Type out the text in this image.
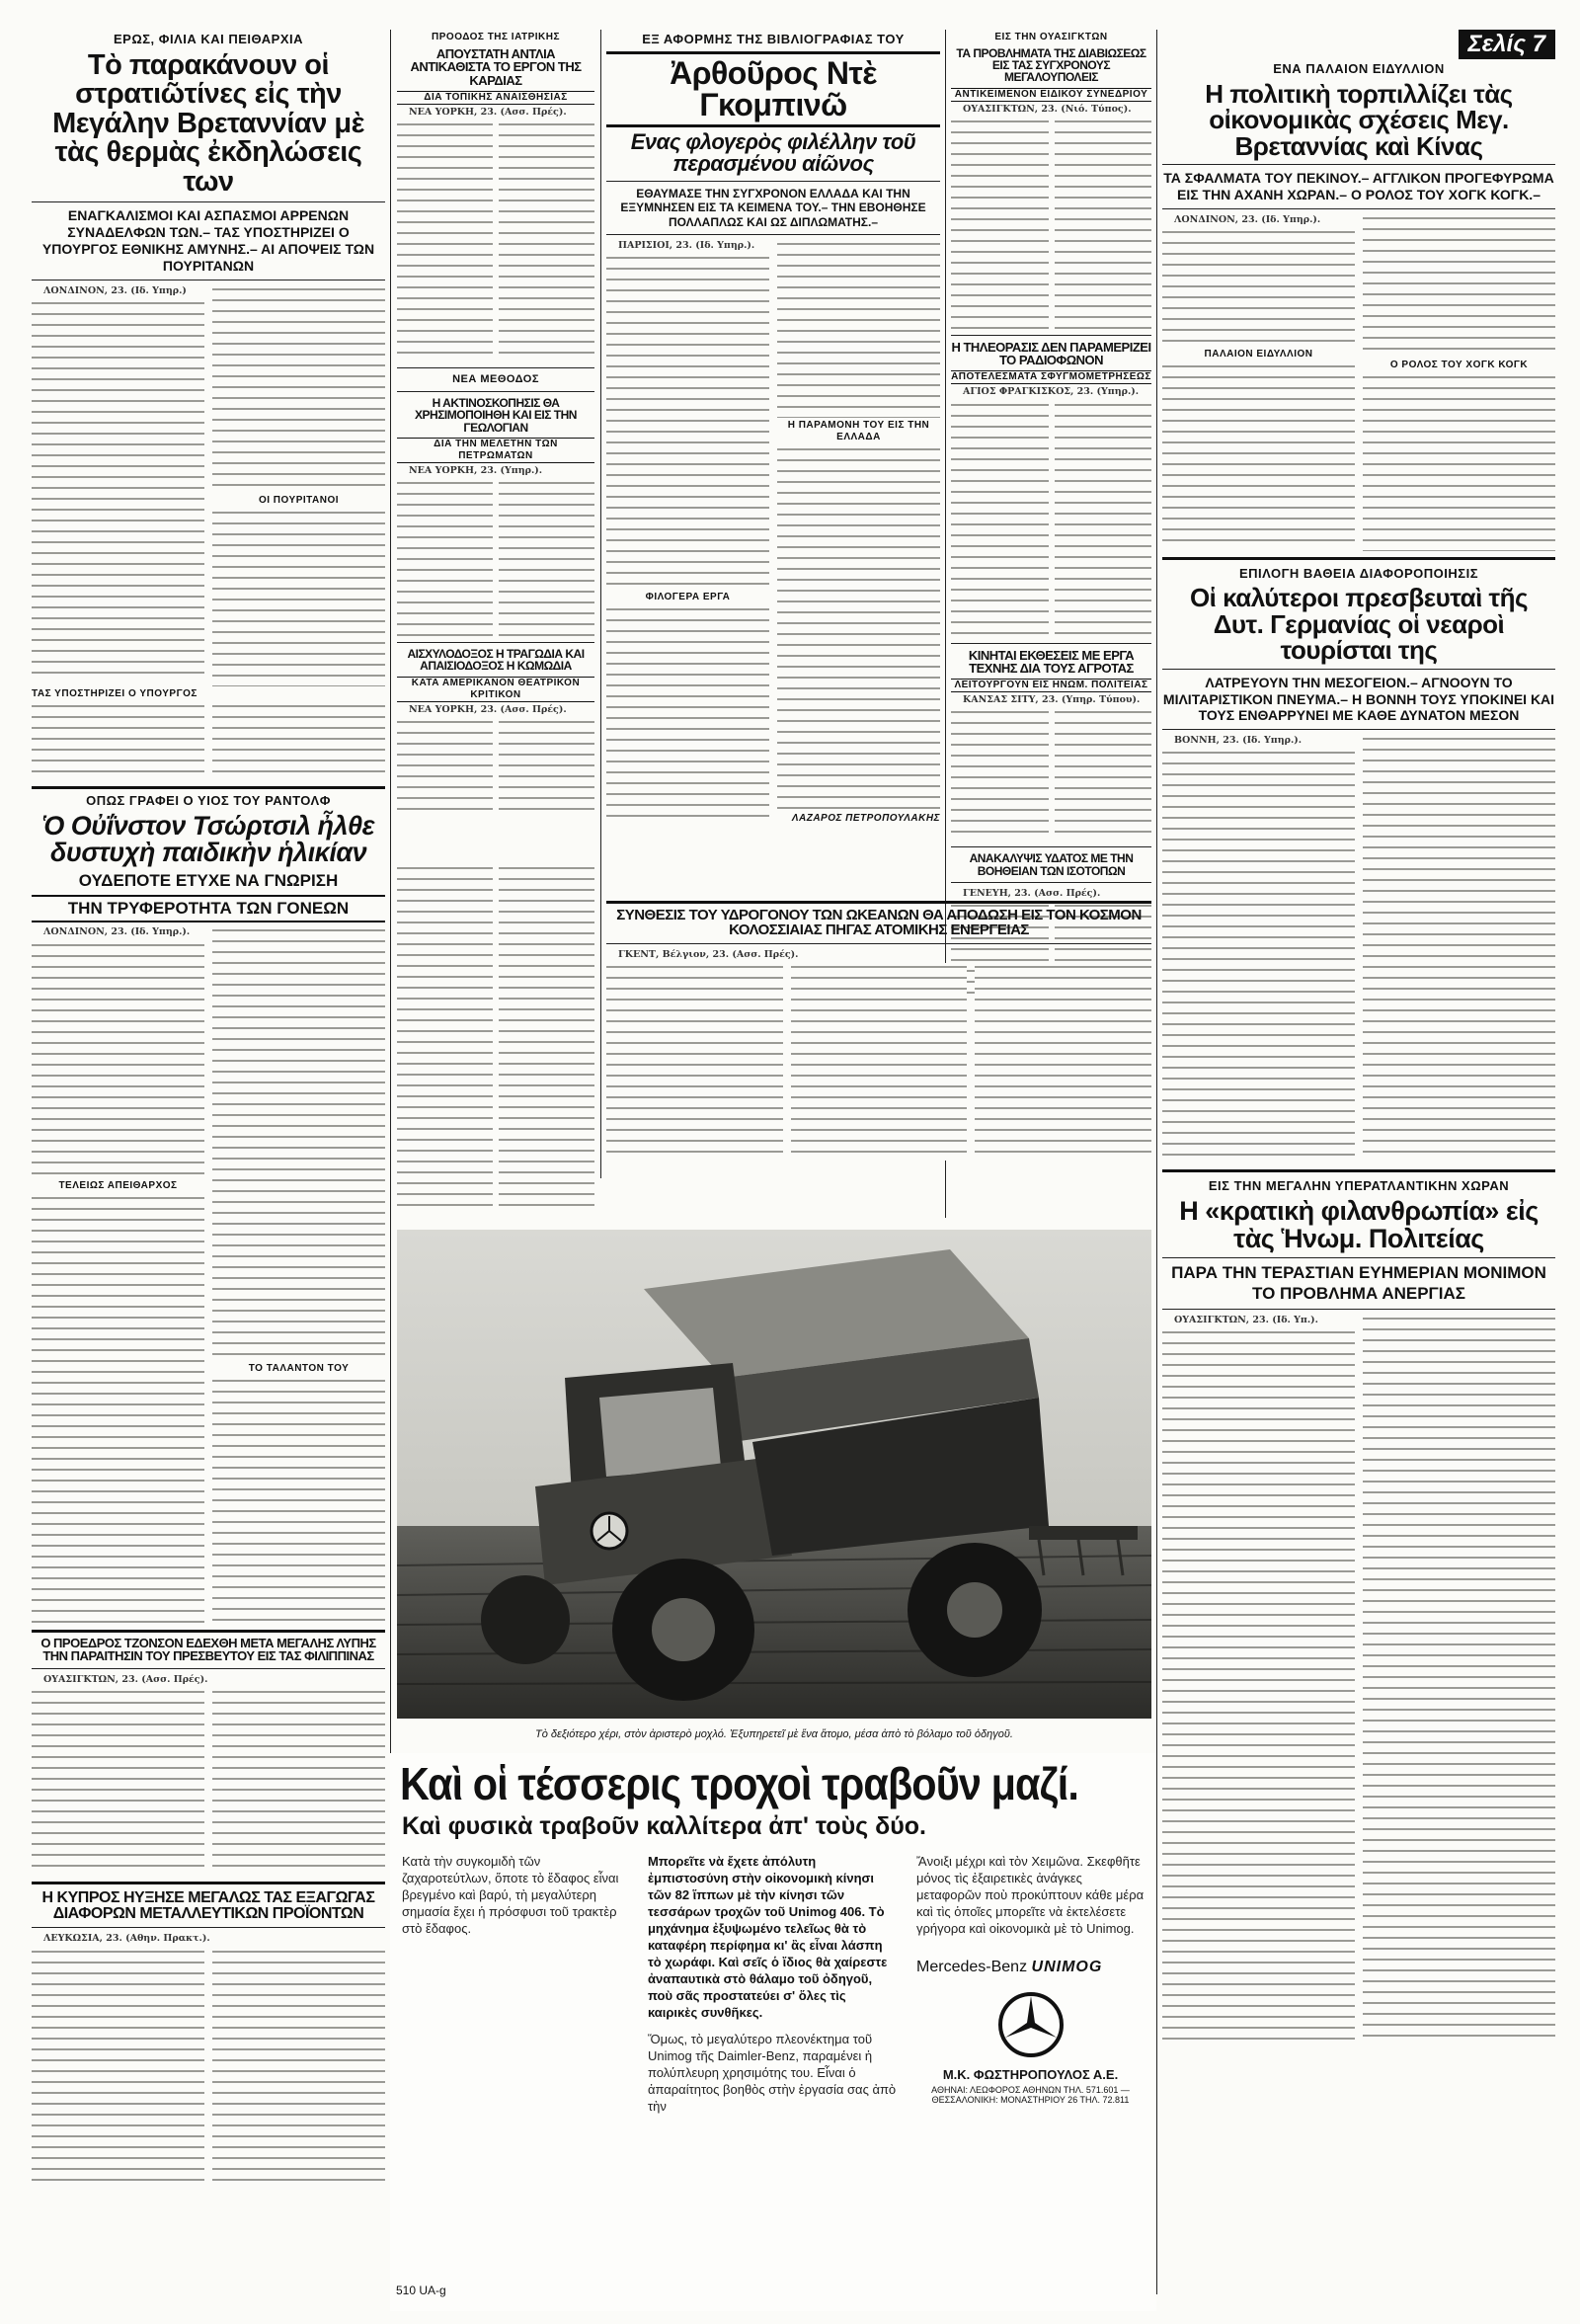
ΕΡΩΣ, ΦΙΛΙΑ ΚΑΙ ΠΕΙΘΑΡΧΙΑ
Τὸ παρακάνουν οἱ στρατιῶτίνες εἰς τὴν Μεγάλην Βρεταννίαν μὲ τὰς θερμὰς ἐκδηλώσεις των
ΕΝΑΓΚΑΛΙΣΜΟΙ ΚΑΙ ΑΣΠΑΣΜΟΙ ΑΡΡΕΝΩΝ ΣΥΝΑΔΕΛΦΩΝ ΤΩΝ.– ΤΑΣ ΥΠΟΣΤΗΡΙΖΕΙ Ο ΥΠΟΥΡΓΟΣ ΕΘΝΙΚΗΣ ΑΜΥΝΗΣ.– ΑΙ ΑΠΟΨΕΙΣ ΤΩΝ ΠΟΥΡΙΤΑΝΩΝ

ΛΟΝΔΙΝΟΝ, 23. (Ιδ. Υπηρ.)

ΟΙ ΠΟΥΡΙΤΑΝΟΙ
ΤΑΣ ΥΠΟΣΤΗΡΙΖΕΙ Ο ΥΠΟΥΡΓΟΣ
ΠΡΟΟΔΟΣ ΤΗΣ ΙΑΤΡΙΚΗΣ
ΑΠΟΥΣΤΑΤΗ ΑΝΤΛΙΑ ΑΝΤΙΚΑΘΙΣΤΑ ΤΟ ΕΡΓΟΝ ΤΗΣ ΚΑΡΔΙΑΣ
ΔΙΑ ΤΟΠΙΚΗΣ ΑΝΑΙΣΘΗΣΙΑΣ

ΝΕΑ ΥΟΡΚΗ, 23. (Ασσ. Πρές).

ΝΕΑ ΜΕΘΟΔΟΣ
Η ΑΚΤΙΝΟΣΚΟΠΗΣΙΣ ΘΑ ΧΡΗΣΙΜΟΠΟΙΗΘΗ ΚΑΙ ΕΙΣ ΤΗΝ ΓΕΩΛΟΓΙΑΝ
ΔΙΑ ΤΗΝ ΜΕΛΕΤΗΝ ΤΩΝ ΠΕΤΡΩΜΑΤΩΝ

ΝΕΑ ΥΟΡΚΗ, 23. (Υπηρ.).

ΑΙΣΧΥΛΟΔΟΞΟΣ Η ΤΡΑΓΩΔΙΑ ΚΑΙ ΑΠΑΙΣΙΟΔΟΞΟΣ Η ΚΩΜΩΔΙΑ
ΚΑΤΑ ΑΜΕΡΙΚΑΝΟΝ ΘΕΑΤΡΙΚΟΝ ΚΡΙΤΙΚΟΝ

ΝΕΑ ΥΟΡΚΗ, 23. (Ασσ. Πρές).

ΕΞ ΑΦΟΡΜΗΣ ΤΗΣ ΒΙΒΛΙΟΓΡΑΦΙΑΣ ΤΟΥ
Ἀρθοῦρος Ντὲ Γκομπινῶ
Ενας φλογερὸς φιλέλλην τοῦ περασμένου αἰῶνος
ΕΘΑΥΜΑΣΕ ΤΗΝ ΣΥΓΧΡΟΝΟΝ ΕΛΛΑΔΑ ΚΑΙ ΤΗΝ ΕΞΥΜΝΗΣΕΝ ΕΙΣ ΤΑ ΚΕΙΜΕΝΑ ΤΟΥ.– ΤΗΝ ΕΒΟΗΘΗΣΕ ΠΟΛΛΑΠΛΩΣ ΚΑΙ ΩΣ ΔΙΠΛΩΜΑΤΗΣ.–

ΠΑΡΙΣΙΟΙ, 23. (Ιδ. Υπηρ.).

ΦΙΛΟΓΕΡΑ ΕΡΓΑ
Η ΠΑΡΑΜΟΝΗ ΤΟΥ ΕΙΣ ΤΗΝ ΕΛΛΑΔΑ
ΛΑΖΑΡΟΣ ΠΕΤΡΟΠΟΥΛΑΚΗΣ
ΕΙΣ ΤΗΝ ΟΥΑΣΙΓΚΤΩΝ
ΤΑ ΠΡΟΒΛΗΜΑΤΑ ΤΗΣ ΔΙΑΒΙΩΣΕΩΣ ΕΙΣ ΤΑΣ ΣΥΓΧΡΟΝΟΥΣ ΜΕΓΑΛΟΥΠΟΛΕΙΣ
ΑΝΤΙΚΕΙΜΕΝΟΝ ΕΙΔΙΚΟΥ ΣΥΝΕΔΡΙΟΥ

ΟΥΑΣΙΓΚΤΩΝ, 23. (Νιό. Τύπος).

Η ΤΗΛΕΟΡΑΣΙΣ ΔΕΝ ΠΑΡΑΜΕΡΙΖΕΙ ΤΟ ΡΑΔΙΟΦΩΝΟΝ
ΑΠΟΤΕΛΕΣΜΑΤΑ ΣΦΥΓΜΟΜΕΤΡΗΣΕΩΣ

ΑΓΙΟΣ ΦΡΑΓΚΙΣΚΟΣ, 23. (Υπηρ.).

ΚΙΝΗΤΑΙ ΕΚΘΕΣΕΙΣ ΜΕ ΕΡΓΑ ΤΕΧΝΗΣ ΔΙΑ ΤΟΥΣ ΑΓΡΟΤΑΣ
ΛΕΙΤΟΥΡΓΟΥΝ ΕΙΣ ΗΝΩΜ. ΠΟΛΙΤΕΙΑΣ

ΚΑΝΣΑΣ ΣΙΤΥ, 23. (Υπηρ. Τύπου).

ΑΝΑΚΑΛΥΨΙΣ ΥΔΑΤΟΣ ΜΕ ΤΗΝ ΒΟΗΘΕΙΑΝ ΤΩΝ ΙΣΟΤΟΠΩΝ

ΓΕΝΕΥΗ, 23. (Ασσ. Πρές).

Σελίς 7
ΕΝΑ ΠΑΛΑΙΟΝ ΕΙΔΥΛΛΙΟΝ
Η πολιτικὴ τορπιλλίζει τὰς οἰκονομικὰς σχέσεις Μεγ. Βρεταννίας καὶ Κίνας
ΤΑ ΣΦΑΛΜΑΤΑ ΤΟΥ ΠΕΚΙΝΟΥ.– ΑΓΓΛΙΚΟΝ ΠΡΟΓΕΦΥΡΩΜΑ ΕΙΣ ΤΗΝ ΑΧΑΝΗ ΧΩΡΑΝ.– Ο ΡΟΛΟΣ ΤΟΥ ΧΟΓΚ ΚΟΓΚ.–

ΛΟΝΔΙΝΟΝ, 23. (Ιδ. Υπηρ.).

ΠΑΛΑΙΟΝ ΕΙΔΥΛΛΙΟΝ
Ο ΡΟΛΟΣ ΤΟΥ ΧΟΓΚ ΚΟΓΚ
ΕΠΙΛΟΓΗ ΒΑΘΕΙΑ ΔΙΑΦΟΡΟΠΟΙΗΣΙΣ
Οἱ καλύτεροι πρεσβευταὶ τῆς Δυτ. Γερμανίας οἱ νεαροὶ τουρίσται της
ΛΑΤΡΕΥΟΥΝ ΤΗΝ ΜΕΣΟΓΕΙΟΝ.– ΑΓΝΟΟΥΝ ΤΟ ΜΙΛΙΤΑΡΙΣΤΙΚΟΝ ΠΝΕΥΜΑ.– Η ΒΟΝΝΗ ΤΟΥΣ ΥΠΟΚΙΝΕΙ ΚΑΙ ΤΟΥΣ ΕΝΘΑΡΡΥΝΕΙ ΜΕ ΚΑΘΕ ΔΥΝΑΤΟΝ ΜΕΣΟΝ

ΒΟΝΝΗ, 23. (Ιδ. Υπηρ.).

ΕΙΣ ΤΗΝ ΜΕΓΑΛΗΝ ΥΠΕΡΑΤΛΑΝΤΙΚΗΝ ΧΩΡΑΝ
Η «κρατικὴ φιλανθρωπία» εἰς τὰς Ἡνωμ. Πολιτείας
ΠΑΡΑ ΤΗΝ ΤΕΡΑΣΤΙΑΝ ΕΥΗΜΕΡΙΑΝ ΜΟΝΙΜΟΝ ΤΟ ΠΡΟΒΛΗΜΑ ΑΝΕΡΓΙΑΣ

ΟΥΑΣΙΓΚΤΩΝ, 23. (Ιδ. Υπ.).

ΟΠΩΣ ΓΡΑΦΕΙ Ο ΥΙΟΣ ΤΟΥ ΡΑΝΤΟΛΦ
Ὁ Οὐΐνστον Τσώρτσιλ ἦλθε δυστυχὴ παιδικὴν ἡλικίαν
ΟΥΔΕΠΟΤΕ ΕΤΥΧΕ ΝΑ ΓΝΩΡΙΣΗ
ΤΗΝ ΤΡΥΦΕΡΟΤΗΤΑ ΤΩΝ ΓΟΝΕΩΝ

ΛΟΝΔΙΝΟΝ, 23. (Ιδ. Υπηρ.).

ΤΕΛΕΙΩΣ ΑΠΕΙΘΑΡΧΟΣ
ΤΟ ΤΑΛΑΝΤΟΝ ΤΟΥ
ΣΥΝΘΕΣΙΣ ΤΟΥ ΥΔΡΟΓΟΝΟΥ ΤΩΝ ΩΚΕΑΝΩΝ ΘΑ ΑΠΟΔΩΣΗ ΕΙΣ ΤΟΝ ΚΟΣΜΟΝ ΚΟΛΟΣΣΙΑΙΑΣ ΠΗΓΑΣ ΑΤΟΜΙΚΗΣ ΕΝΕΡΓΕΙΑΣ

ΓΚΕΝΤ, Βέλγιον, 23. (Ασσ. Πρές).

Τὸ δεξιότερο χέρι, στὸν ἀριστερὸ μοχλό. Ἐξυπηρετεῖ μὲ ἕνα ἄτομο, μέσα ἀπὸ τὸ βόλαμο τοῦ ὀδηγοῦ.
Ο ΠΡΟΕΔΡΟΣ ΤΖΟΝΣΟΝ ΕΔΕΧΘΗ ΜΕΤΑ ΜΕΓΑΛΗΣ ΛΥΠΗΣ ΤΗΝ ΠΑΡΑΙΤΗΣΙΝ ΤΟΥ ΠΡΕΣΒΕΥΤΟΥ ΕΙΣ ΤΑΣ ΦΙΛΙΠΠΙΝΑΣ

ΟΥΑΣΙΓΚΤΩΝ, 23. (Ασσ. Πρές).

Η ΚΥΠΡΟΣ ΗΥΞΗΣΕ ΜΕΓΑΛΩΣ ΤΑΣ ΕΞΑΓΩΓΑΣ ΔΙΑΦΟΡΩΝ ΜΕΤΑΛΛΕΥΤΙΚΩΝ ΠΡΟΪΟΝΤΩΝ

ΛΕΥΚΩΣΙΑ, 23. (Αθην. Πρακτ.).

Καὶ οἱ τέσσερις τροχοὶ τραβοῦν μαζί.
Καὶ φυσικὰ τραβοῦν καλλίτερα ἀπ' τοὺς δύο.
Κατὰ τὴν συγκομιδὴ τῶν ζαχαροτεύτλων, ὅποτε τὸ ἔδαφος εἶναι βρεγμένο καὶ βαρύ, τὴ μεγαλύτερη σημασία ἔχει ἡ πρόσφυσι τοῦ τρακτὲρ στὸ ἔδαφος.
Μπορεῖτε νὰ ἔχετε ἀπόλυτη ἐμπιστοσύνη στὴν οἰκονομικὴ κίνησι τῶν 82 ἵππων μὲ τὴν κίνησι τῶν τεσσάρων τροχῶν τοῦ Unimog 406. Τὸ μηχάνημα ἐξυψωμένο τελεῖως θὰ τὸ καταφέρη περίφημα κι' ἂς εἶναι λάσπη τὸ χωράφι. Καὶ σεῖς ὁ ἴδιος θὰ χαίρεστε ἀναπαυτικὰ στὸ θάλαμο τοῦ ὀδηγοῦ, ποὺ σᾶς προστατεύει σ' ὅλες τὶς καιρικὲς συνθῆκες.
Ὅμως, τὸ μεγαλύτερο πλεονέκτημα τοῦ Unimog τῆς Daimler-Benz, παραμένει ἡ πολύπλευρη χρησιμότης του. Εἶναι ὁ ἀπαραίτητος βοηθὸς στὴν ἐργασία σας ἀπὸ τὴν
Ἄνοιξι μέχρι καὶ τὸν Χειμῶνα. Σκεφθῆτε μόνος τὶς ἐξαιρετικὲς ἀνάγκες μεταφορῶν ποὺ προκύπτουν κάθε μέρα καὶ τὶς ὁποῖες μπορεῖτε νὰ ἐκτελέσετε γρήγορα καὶ οἰκονομικὰ μὲ τὸ Unimog.
Mercedes-Benz UNIMOG
Μ.Κ. ΦΩΣΤΗΡΟΠΟΥΛΟΣ Α.Ε.
ΑΘΗΝΑΙ: ΛΕΩΦΟΡΟΣ ΑΘΗΝΩΝ ΤΗΛ. 571.601 — ΘΕΣΣΑΛΟΝΙΚΗ: ΜΟΝΑΣΤΗΡΙΟΥ 26 ΤΗΛ. 72.811
510 UA-g
